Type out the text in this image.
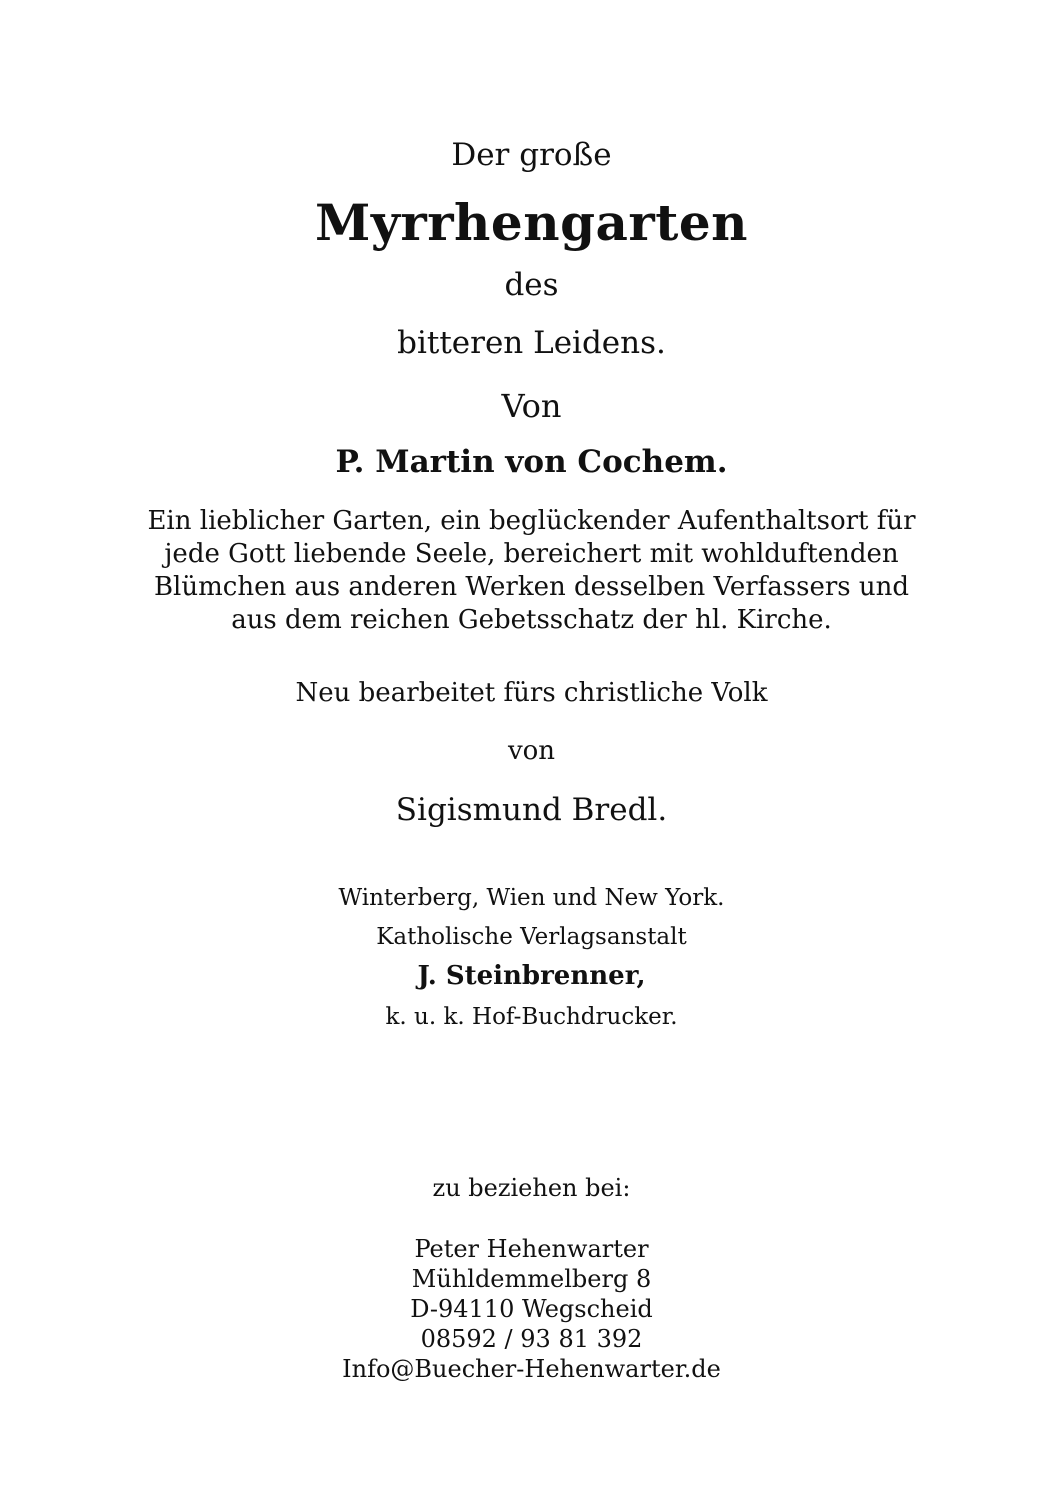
Der große
Myrrhengarten
des
bitteren Leidens.
Von
P. Martin von Cochem.
Ein lieblicher Garten, ein beglückender Aufenthaltsort für
jede Gott liebende Seele, bereichert mit wohlduftenden
Blümchen aus anderen Werken desselben Verfassers und
aus dem reichen Gebetsschatz der hl. Kirche.
Neu bearbeitet fürs christliche Volk
von
Sigismund Bredl.
Winterberg, Wien und New York.
Katholische Verlagsanstalt
J. Steinbrenner,
k. u. k. Hof-Buchdrucker.
zu beziehen bei:
Peter Hehenwarter
Mühldemmelberg 8
D-94110 Wegscheid
08592 / 93 81 392
Info@Buecher-Hehenwarter.de
